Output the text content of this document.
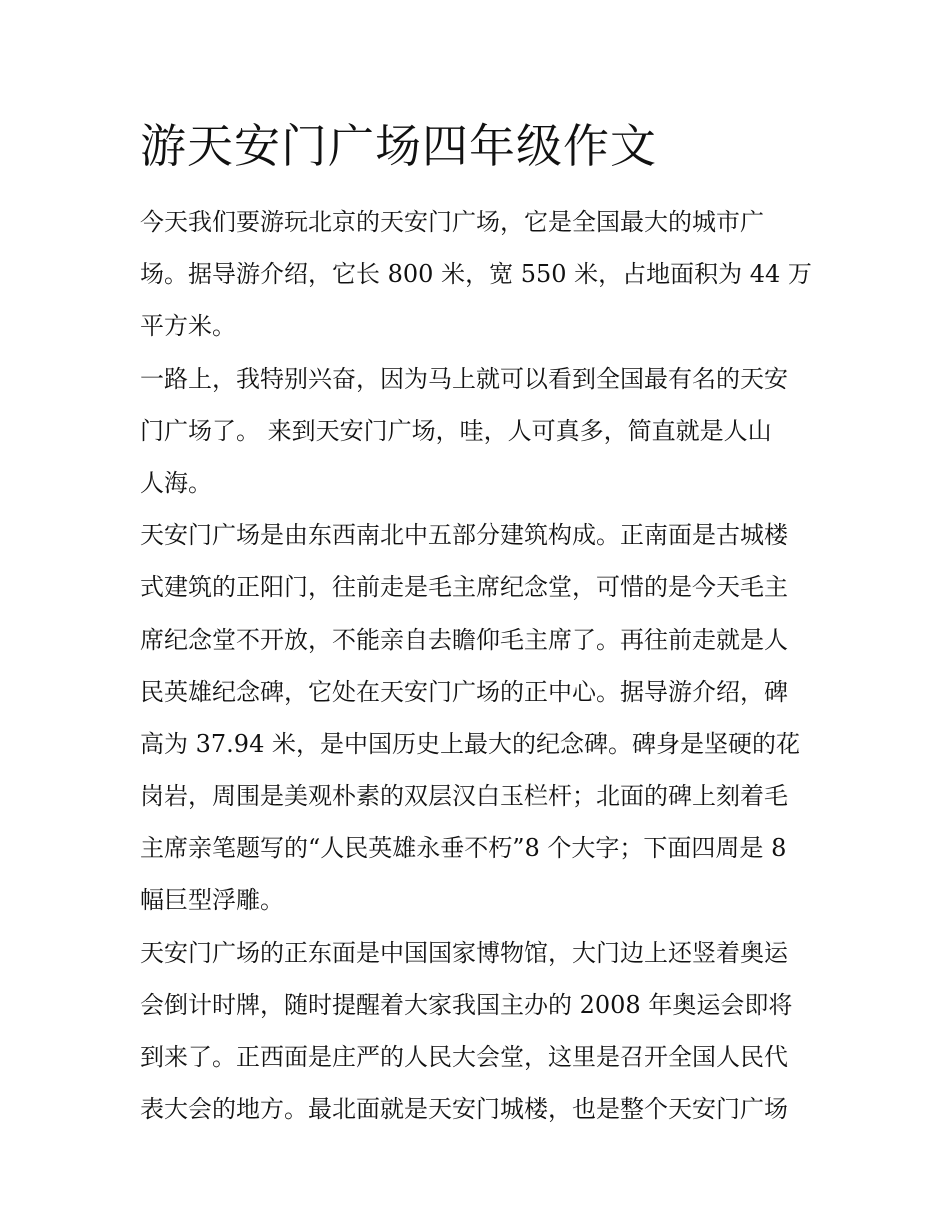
游天安门广场四年级作文
今天我们要游玩北京的天安门广场，它是全国最大的城市广
场。据导游介绍，它长 800 米，宽 550 米，占地面积为 44 万
平方米。
一路上，我特别兴奋，因为马上就可以看到全国最有名的天安
门广场了。 来到天安门广场，哇，人可真多，简直就是人山
人海。
天安门广场是由东西南北中五部分建筑构成。正南面是古城楼
式建筑的正阳门，往前走是毛主席纪念堂，可惜的是今天毛主
席纪念堂不开放，不能亲自去瞻仰毛主席了。再往前走就是人
民英雄纪念碑，它处在天安门广场的正中心。据导游介绍，碑
高为 37.94 米，是中国历史上最大的纪念碑。碑身是坚硬的花
岗岩，周围是美观朴素的双层汉白玉栏杆；北面的碑上刻着毛
主席亲笔题写的“人民英雄永垂不朽”8 个大字；下面四周是 8
幅巨型浮雕。
天安门广场的正东面是中国国家博物馆，大门边上还竖着奥运
会倒计时牌，随时提醒着大家我国主办的 2008 年奥运会即将
到来了。正西面是庄严的人民大会堂，这里是召开全国人民代
表大会的地方。最北面就是天安门城楼，也是整个天安门广场
